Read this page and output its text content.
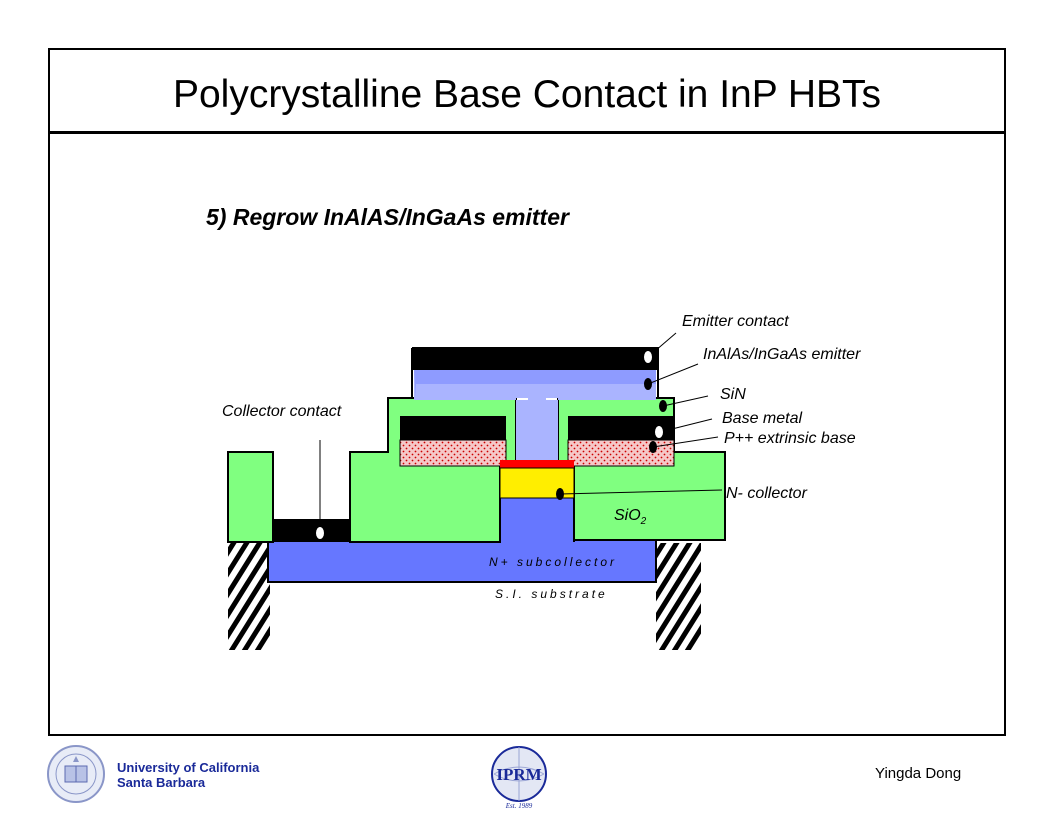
Polycrystalline Base Contact in InP HBTs
5) Regrow InAlAS/InGaAs emitter
Emitter contact
InAlAs/InGaAs emitter
SiN
Base metal
P++ extrinsic base
N- collector
Collector contact
SiO$_2$
N+ subcollector
S.I. substrate
University of California
Santa Barbara	IPRM
Est. 1989
Yingda Dong
